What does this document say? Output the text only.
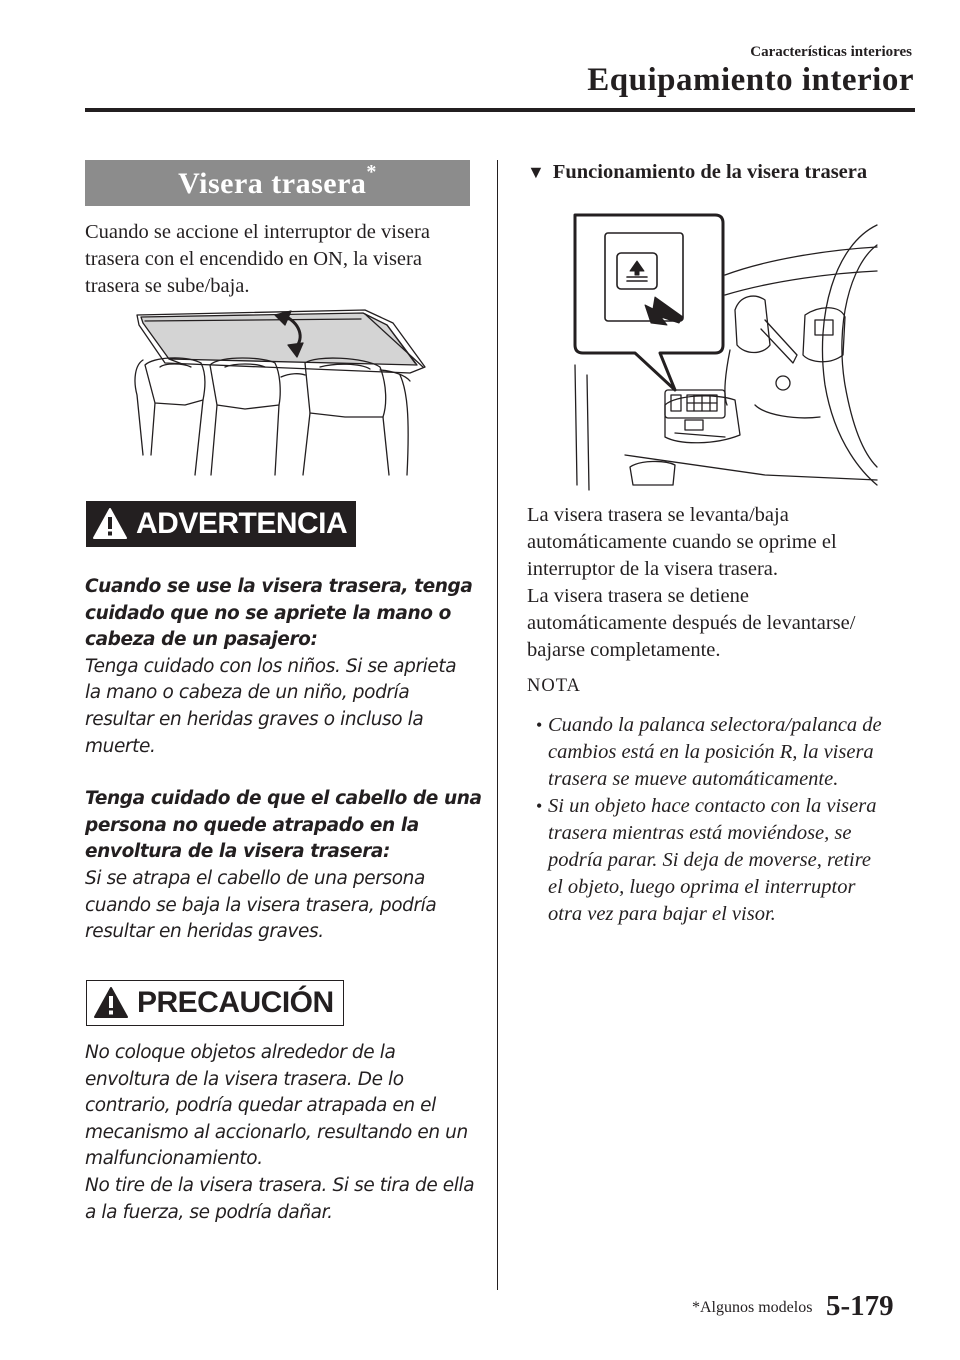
Características interiores
Equipamiento interior
Visera trasera*
Cuando se accione el interruptor de visera
trasera con el encendido en ON, la visera
trasera se sube/baja.
ADVERTENCIA
Cuando se use la visera trasera, tenga
cuidado que no se apriete la mano o
cabeza de un pasajero:
Tenga cuidado con los niños. Si se aprieta
la mano o cabeza de un niño, podría
resultar en heridas graves o incluso la
muerte.
Tenga cuidado de que el cabello de una
persona no quede atrapado en la
envoltura de la visera trasera:
Si se atrapa el cabello de una persona
cuando se baja la visera trasera, podría
resultar en heridas graves.
PRECAUCIÓN
No coloque objetos alrededor de la
envoltura de la visera trasera. De lo
contrario, podría quedar atrapada en el
mecanismo al accionarlo, resultando en un
malfuncionamiento.
No tire de la visera trasera. Si se tira de ella
a la fuerza, se podría dañar.
▼ Funcionamiento de la visera trasera
La visera trasera se levanta/baja
automáticamente cuando se oprime el
interruptor de la visera trasera.
La visera trasera se detiene
automáticamente después de levantarse/
bajarse completamente.
NOTA
• Cuando la palanca selectora/palanca de
cambios está en la posición R, la visera
trasera se mueve automáticamente.
• Si un objeto hace contacto con la visera
trasera mientras está moviéndose, se
podría parar. Si deja de moverse, retire
el objeto, luego oprima el interruptor
otra vez para bajar el visor.
*Algunos modelos 5-179
